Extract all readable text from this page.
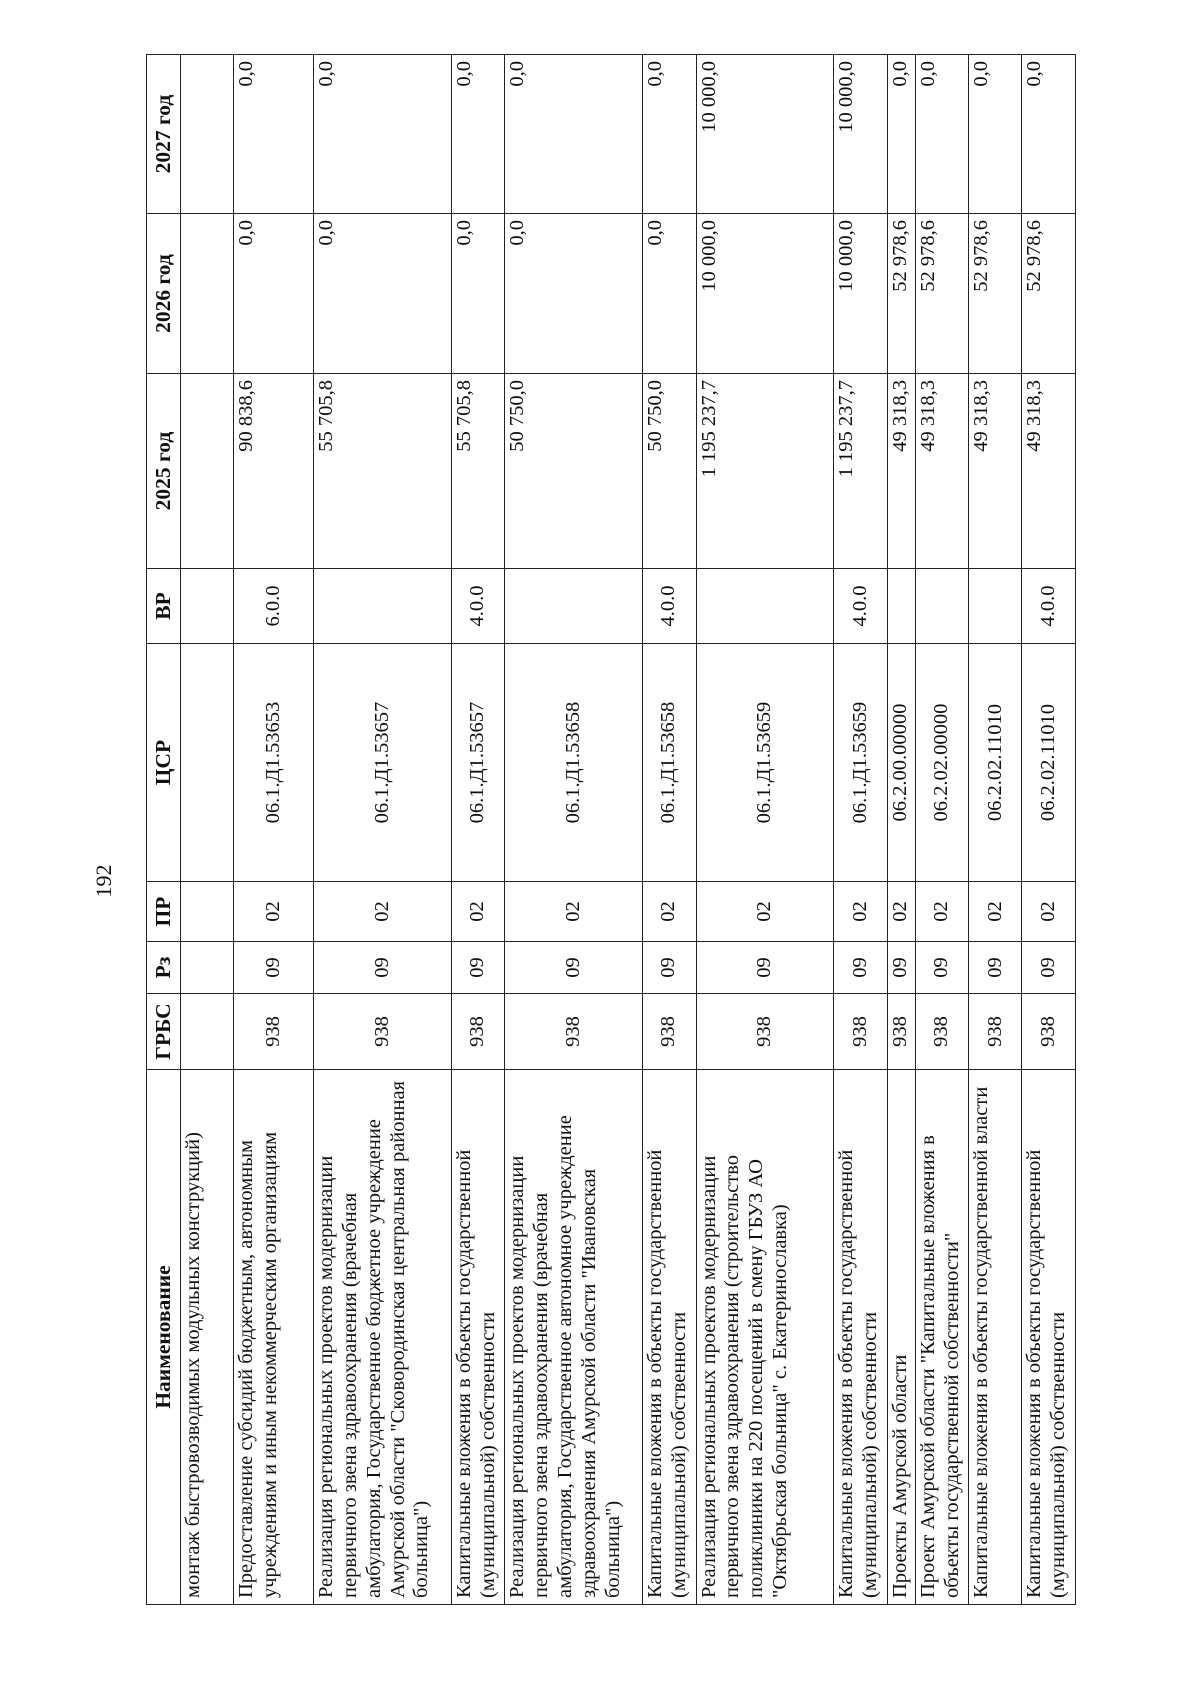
192
Наименование	ГРБС	Рз	ПР	ЦСР	ВР	2025 год	2026 год	2027 год
монтаж быстровозводимых модульных конструкций)								
Предоставление субсидий бюджетным, автономным учреждениям и иным некоммерческим организациям	938	09	02	06.1.Д1.53653	6.0.0	90 838,6	0,0	0,0
Реализация региональных проектов модернизации первичного звена здравоохранения (врачебная амбулатория, Государственное бюджетное учреждение Амурской области "Сковородинская центральная районная больница")	938	09	02	06.1.Д1.53657		55 705,8	0,0	0,0
Капитальные вложения в объекты государственной (муниципальной) собственности	938	09	02	06.1.Д1.53657	4.0.0	55 705,8	0,0	0,0
Реализация региональных проектов модернизации первичного звена здравоохранения (врачебная амбулатория, Государственное автономное учреждение здравоохранения Амурской области "Ивановская больница")	938	09	02	06.1.Д1.53658		50 750,0	0,0	0,0
Капитальные вложения в объекты государственной (муниципальной) собственности	938	09	02	06.1.Д1.53658	4.0.0	50 750,0	0,0	0,0
Реализация региональных проектов модернизации первичного звена здравоохранения (строительство поликлиники на 220 посещений в смену ГБУЗ АО "Октябрьская больница" с. Екатеринославка)	938	09	02	06.1.Д1.53659		1 195 237,7	10 000,0	10 000,0
Капитальные вложения в объекты государственной (муниципальной) собственности	938	09	02	06.1.Д1.53659	4.0.0	1 195 237,7	10 000,0	10 000,0
Проекты Амурской области	938	09	02	06.2.00.00000		49 318,3	52 978,6	0,0
Проект Амурской области "Капитальные вложения в объекты государственной собственности"	938	09	02	06.2.02.00000		49 318,3	52 978,6	0,0
Капитальные вложения в объекты государственной власти	938	09	02	06.2.02.11010		49 318,3	52 978,6	0,0
Капитальные вложения в объекты государственной (муниципальной) собственности	938	09	02	06.2.02.11010	4.0.0	49 318,3	52 978,6	0,0
